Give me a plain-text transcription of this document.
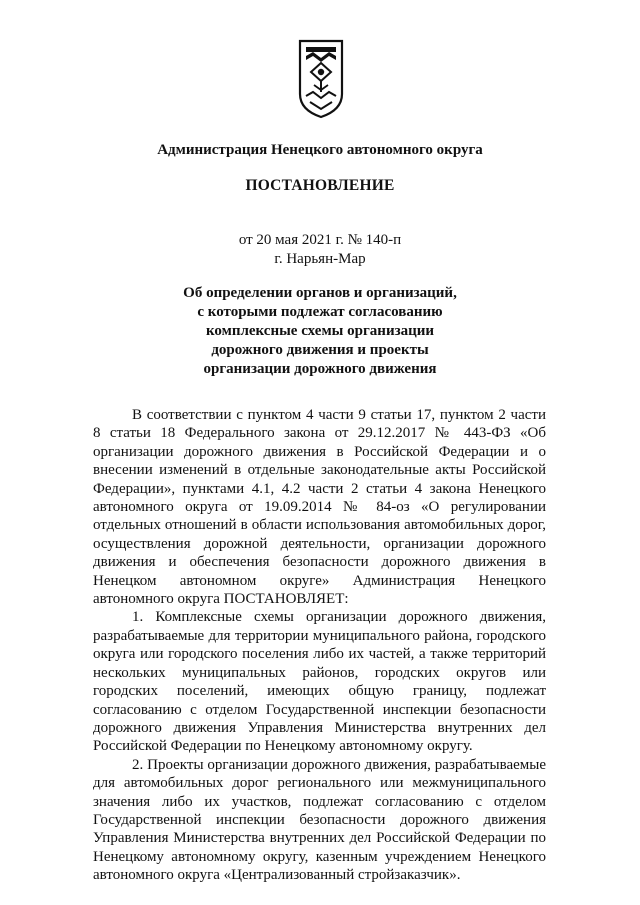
Администрация Ненецкого автономного округа
ПОСТАНОВЛЕНИЕ
от 20 мая 2021 г. № 140-п
г. Нарьян-Мар
Об определении органов и организаций,
с которыми подлежат согласованию
комплексные схемы организации
дорожного движения и проекты
организации дорожного движения

В соответствии с пунктом 4 части 9 статьи 17, пунктом 2 части 8 статьи 18 Федерального закона от 29.12.2017 № 443-ФЗ «Об организации дорожного движения в Российской Федерации и о внесении изменений в отдельные законодательные акты Российской Федерации», пунктами 4.1, 4.2 части 2 статьи 4 закона Ненецкого автономного округа от 19.09.2014 № 84-оз «О регулировании отдельных отношений в области использования автомобильных дорог, осуществления дорожной деятельности, организации дорожного движения и обеспечения безопасности дорожного движения в Ненецком автономном округе» Администрация Ненецкого автономного округа ПОСТАНОВЛЯЕТ:

1. Комплексные схемы организации дорожного движения, разрабатываемые для территории муниципального района, городского округа или городского поселения либо их частей, а также территорий нескольких муниципальных районов, городских округов или городских поселений, имеющих общую границу, подлежат согласованию с отделом Государственной инспекции безопасности дорожного движения Управления Министерства внутренних дел Российской Федерации по Ненецкому автономному округу.

2. Проекты организации дорожного движения, разрабатываемые для автомобильных дорог регионального или межмуниципального значения либо их участков, подлежат согласованию с отделом Государственной инспекции безопасности дорожного движения Управления Министерства внутренних дел Российской Федерации по Ненецкому автономному округу, казенным учреждением Ненецкого автономного округа «Централизованный стройзаказчик».
